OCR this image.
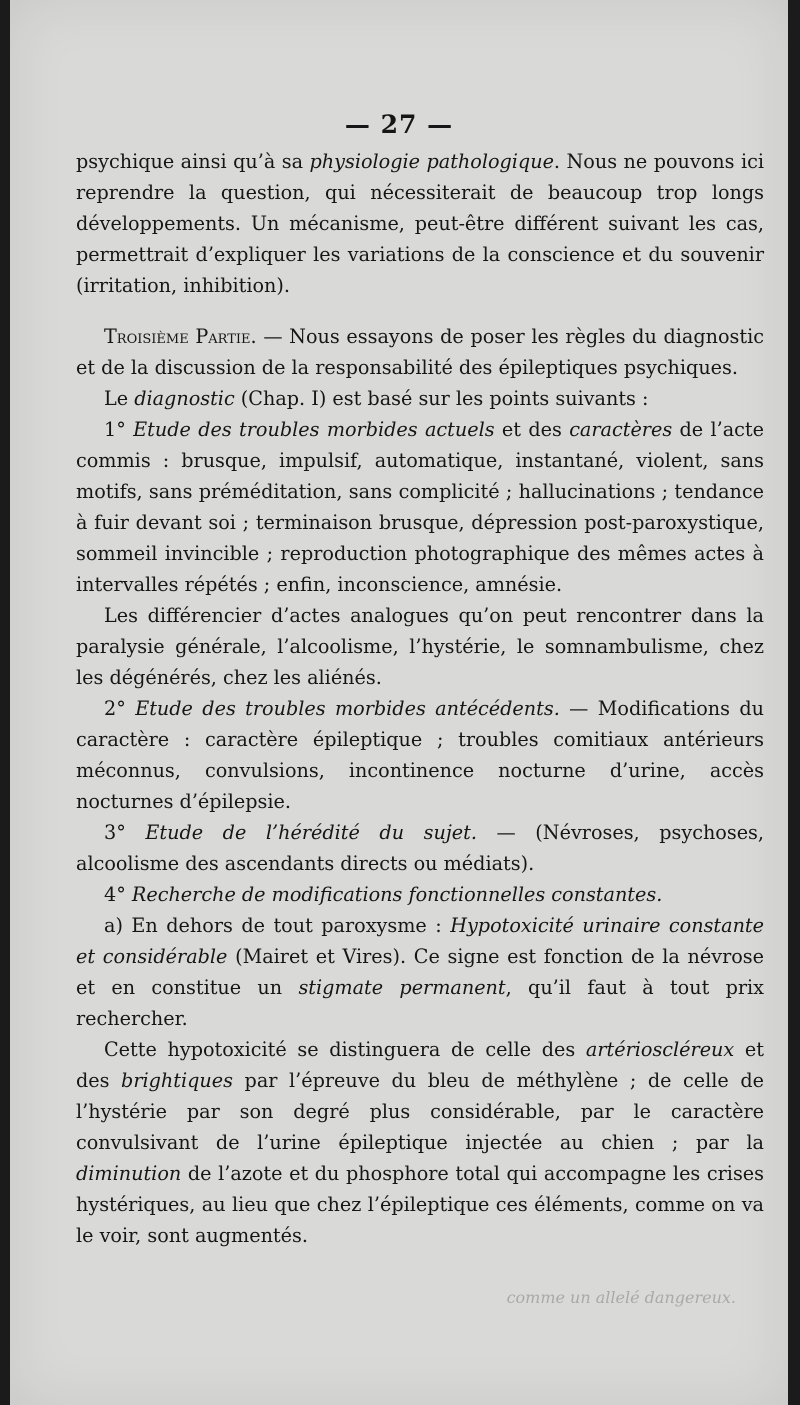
— 27 —

psychique ainsi qu’à sa physiologie pathologique. Nous ne pouvons ici reprendre la question, qui nécessiterait de beaucoup trop longs développements. Un mécanisme, peut-être différent suivant les cas, permettrait d’expliquer les variations de la conscience et du souvenir (irritation, inhibition).

Troisième Partie. — Nous essayons de poser les règles du diagnostic et de la discussion de la responsabilité des épileptiques psychiques.

Le diagnostic (Chap. I) est basé sur les points suivants :

1° Etude des troubles morbides actuels et des caractères de l’acte commis : brusque, impulsif, automatique, instantané, violent, sans motifs, sans préméditation, sans complicité ; hallucinations ; tendance à fuir devant soi ; terminaison brusque, dépression post-paroxystique, sommeil invincible ; reproduction photographique des mêmes actes à intervalles répétés ; enfin, inconscience, amnésie.

Les différencier d’actes analogues qu’on peut rencontrer dans la paralysie générale, l’alcoolisme, l’hystérie, le somnambulisme, chez les dégénérés, chez les aliénés.

2° Etude des troubles morbides antécédents. — Modifications du caractère : caractère épileptique ; troubles comitiaux antérieurs méconnus, convulsions, incontinence nocturne d’urine, accès nocturnes d’épilepsie.

3° Etude de l’hérédité du sujet. — (Névroses, psychoses, alcoolisme des ascendants directs ou médiats).

4° Recherche de modifications fonctionnelles constantes.

a) En dehors de tout paroxysme : Hypotoxicité urinaire constante et considérable (Mairet et Vires). Ce signe est fonction de la névrose et en constitue un stigmate permanent, qu’il faut à tout prix rechercher.

Cette hypotoxicité se distinguera de celle des artérioscléreux et des brightiques par l’épreuve du bleu de méthylène ; de celle de l’hystérie par son degré plus considérable, par le caractère convulsivant de l’urine épileptique injectée au chien ; par la diminution de l’azote et du phosphore total qui accompagne les crises hystériques, au lieu que chez l’épileptique ces éléments, comme on va le voir, sont augmentés.

comme un allelé dangereux.
